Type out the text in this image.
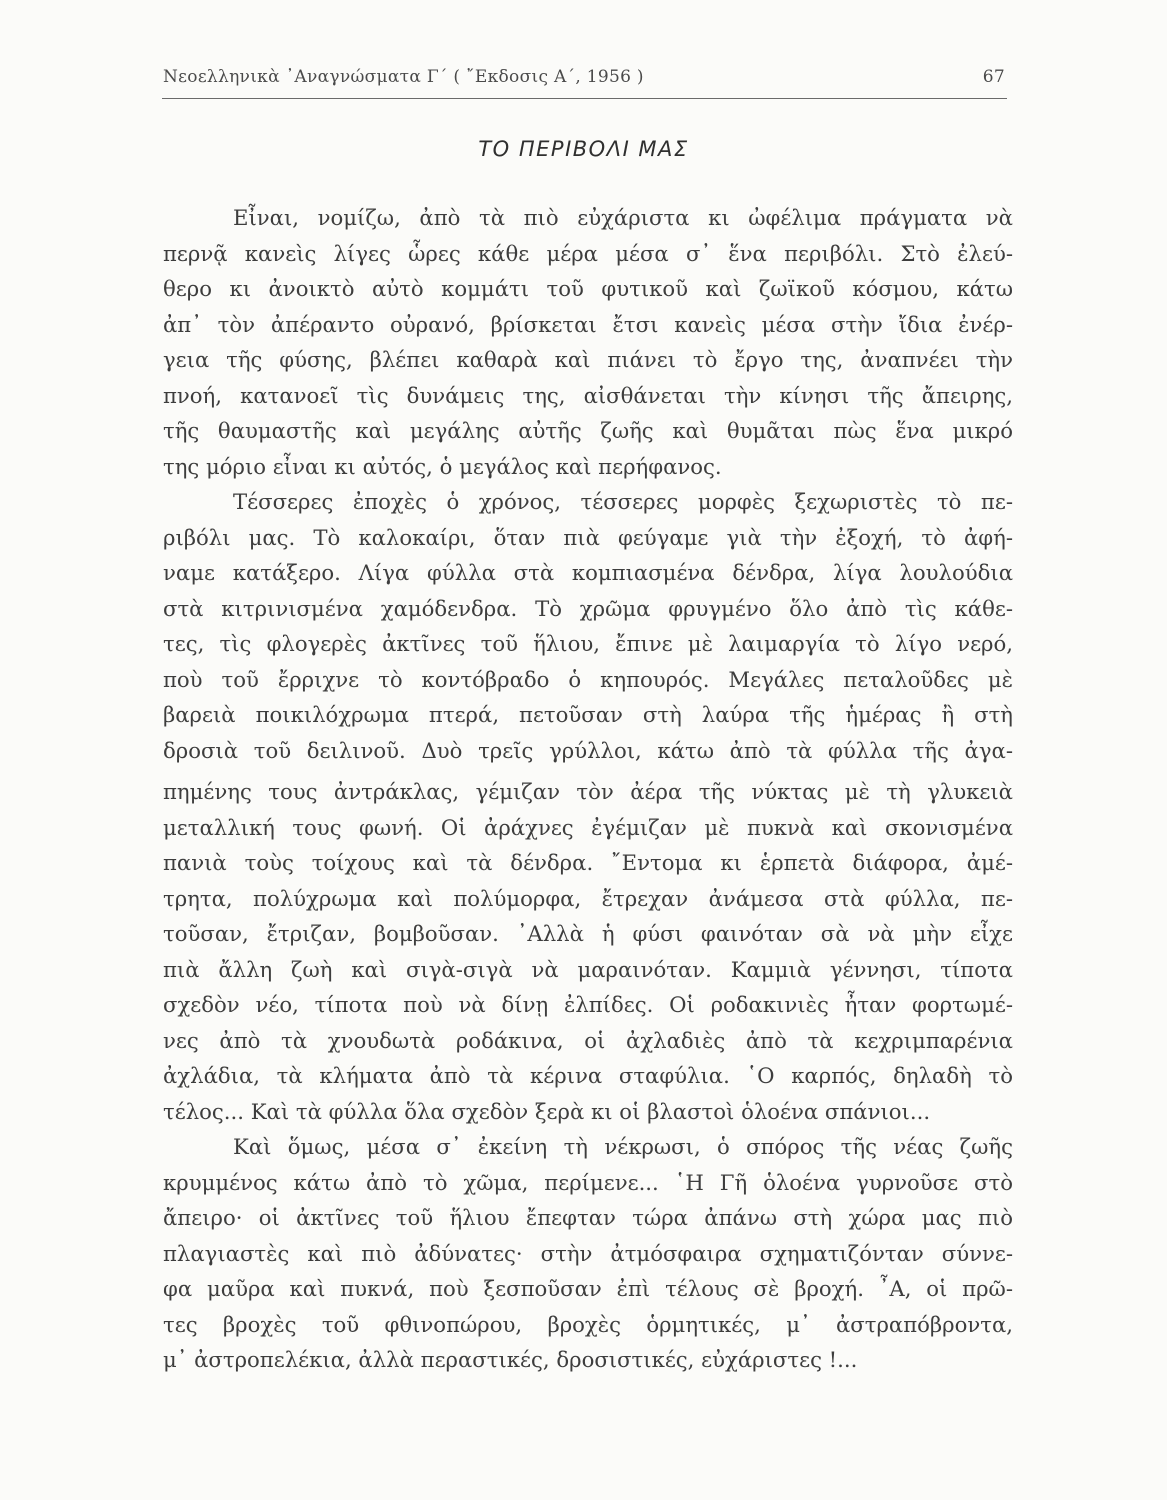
Νεοελληνικὰ ᾿Αναγνώσματα Γ΄ ( ῎Εκδοσις Α΄, 1956 )	67
ΤΟ ΠΕΡΙΒΟΛΙ ΜΑΣ
Εἶναι, νομίζω, ἀπὸ τὰ πιὸ εὐχάριστα κι ὠφέλιμα πράγματα νὰ
περνᾷ κανεὶς λίγες ὧρες κάθε μέρα μέσα σ᾿ ἕνα περιβόλι. Στὸ ἐλεύ-
θερο κι ἀνοικτὸ αὐτὸ κομμάτι τοῦ φυτικοῦ καὶ ζωϊκοῦ κόσμου, κάτω
ἀπ᾿ τὸν ἀπέραντο οὐρανό, βρίσκεται ἔτσι κανεὶς μέσα στὴν ἴδια ἐνέρ-
γεια τῆς φύσης, βλέπει καθαρὰ καὶ πιάνει τὸ ἔργο της, ἀναπνέει τὴν
πνοή, κατανοεῖ τὶς δυνάμεις της, αἰσθάνεται τὴν κίνησι τῆς ἄπειρης,
τῆς θαυμαστῆς καὶ μεγάλης αὐτῆς ζωῆς καὶ θυμᾶται πὼς ἕνα μικρό
της μόριο εἶναι κι αὐτός, ὁ μεγάλος καὶ περήφανος.
Τέσσερες ἐποχὲς ὁ χρόνος, τέσσερες μορφὲς ξεχωριστὲς τὸ πε-
ριβόλι μας. Τὸ καλοκαίρι, ὅταν πιὰ φεύγαμε γιὰ τὴν ἐξοχή, τὸ ἀφή-
ναμε κατάξερο. Λίγα φύλλα στὰ κομπιασμένα δένδρα, λίγα λουλούδια
στὰ κιτρινισμένα χαμόδενδρα. Τὸ χρῶμα φρυγμένο ὅλο ἀπὸ τὶς κάθε-
τες, τὶς φλογερὲς ἀκτῖνες τοῦ ἥλιου, ἔπινε μὲ λαιμαργία τὸ λίγο νερό,
ποὺ τοῦ ἔρριχνε τὸ κοντόβραδο ὁ κηπουρός. Μεγάλες πεταλοῦδες μὲ
βαρειὰ ποικιλόχρωμα πτερά, πετοῦσαν στὴ λαύρα τῆς ἡμέρας ἢ στὴ
δροσιὰ τοῦ δειλινοῦ. Δυὸ τρεῖς γρύλλοι, κάτω ἀπὸ τὰ φύλλα τῆς ἀγα-
πημένης τους ἀντράκλας, γέμιζαν τὸν ἀέρα τῆς νύκτας μὲ τὴ γλυκειὰ
μεταλλική τους φωνή. Οἱ ἀράχνες ἐγέμιζαν μὲ πυκνὰ καὶ σκονισμένα
πανιὰ τοὺς τοίχους καὶ τὰ δένδρα. ῎Εντομα κι ἑρπετὰ διάφορα, ἀμέ-
τρητα, πολύχρωμα καὶ πολύμορφα, ἔτρεχαν ἀνάμεσα στὰ φύλλα, πε-
τοῦσαν, ἔτριζαν, βομβοῦσαν. ᾿Αλλὰ ἡ φύσι φαινόταν σὰ νὰ μὴν εἶχε
πιὰ ἄλλη ζωὴ καὶ σιγὰ-σιγὰ νὰ μαραινόταν. Καμμιὰ γέννησι, τίποτα
σχεδὸν νέο, τίποτα ποὺ νὰ δίνῃ ἐλπίδες. Οἱ ροδακινιὲς ἦταν φορτωμέ-
νες ἀπὸ τὰ χνουδωτὰ ροδάκινα, οἱ ἀχλαδιὲς ἀπὸ τὰ κεχριμπαρένια
ἀχλάδια, τὰ κλήματα ἀπὸ τὰ κέρινα σταφύλια. ῾Ο καρπός, δηλαδὴ τὸ
τέλος... Καὶ τὰ φύλλα ὅλα σχεδὸν ξερὰ κι οἱ βλαστοὶ ὁλοένα σπάνιοι...
Καὶ ὅμως, μέσα σ᾿ ἐκείνη τὴ νέκρωσι, ὁ σπόρος τῆς νέας ζωῆς
κρυμμένος κάτω ἀπὸ τὸ χῶμα, περίμενε... ῾Η Γῆ ὁλοένα γυρνοῦσε στὸ
ἄπειρο· οἱ ἀκτῖνες τοῦ ἥλιου ἔπεφταν τώρα ἀπάνω στὴ χώρα μας πιὸ
πλαγιαστὲς καὶ πιὸ ἀδύνατες· στὴν ἀτμόσφαιρα σχηματιζόνταν σύννε-
φα μαῦρα καὶ πυκνά, ποὺ ξεσποῦσαν ἐπὶ τέλους σὲ βροχή. ῏Α, οἱ πρῶ-
τες βροχὲς τοῦ φθινοπώρου, βροχὲς ὁρμητικές, μ᾿ ἀστραπόβροντα,
μ᾿ ἀστροπελέκια, ἀλλὰ περαστικές, δροσιστικές, εὐχάριστες !...
